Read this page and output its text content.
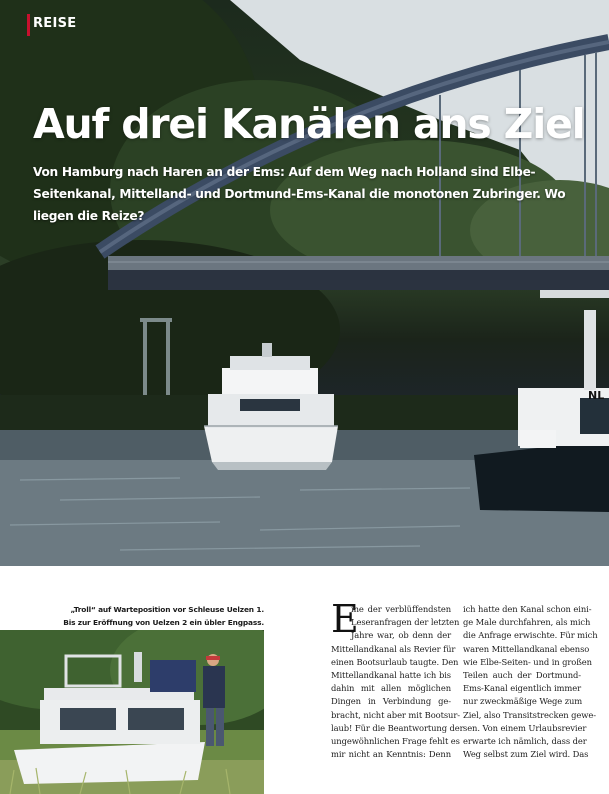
NL
REISE
Auf drei Kanälen ans Ziel

Von Hamburg nach Haren an der Ems: Auf dem Weg nach Holland sind Elbe-Seitenkanal, Mittelland- und Dortmund-Ems-Kanal die monotonen Zubringer. Wo liegen die Reize?

„Troll“ auf Warteposition vor Schleuse Uelzen 1.
Bis zur Eröffnung von Uelzen 2 ein übler Engpass. E
ine der verblüffendsten
Leseranfragen der letzten
Jahre war, ob denn der
Mittellandkanal als Revier für
einen Bootsurlaub taugte. Den
Mittellandkanal hatte ich bis
dahin mit allen möglichen
Dingen in Verbindung ge-
bracht, nicht aber mit Bootsur-
laub! Für die Beantwortung der
ungewöhnlichen Frage fehlt es
mir nicht an Kenntnis: Denn
ich hatte den Kanal schon eini-
ge Male durchfahren, als mich
die Anfrage erwischte. Für mich
waren Mittellandkanal ebenso
wie Elbe-Seiten- und in großen
Teilen auch der Dortmund-
Ems-Kanal eigentlich immer
nur zweckmäßige Wege zum
Ziel, also Transitstrecken gewe-
sen. Von einem Urlaubsrevier
erwarte ich nämlich, dass der
Weg selbst zum Ziel wird. Das
